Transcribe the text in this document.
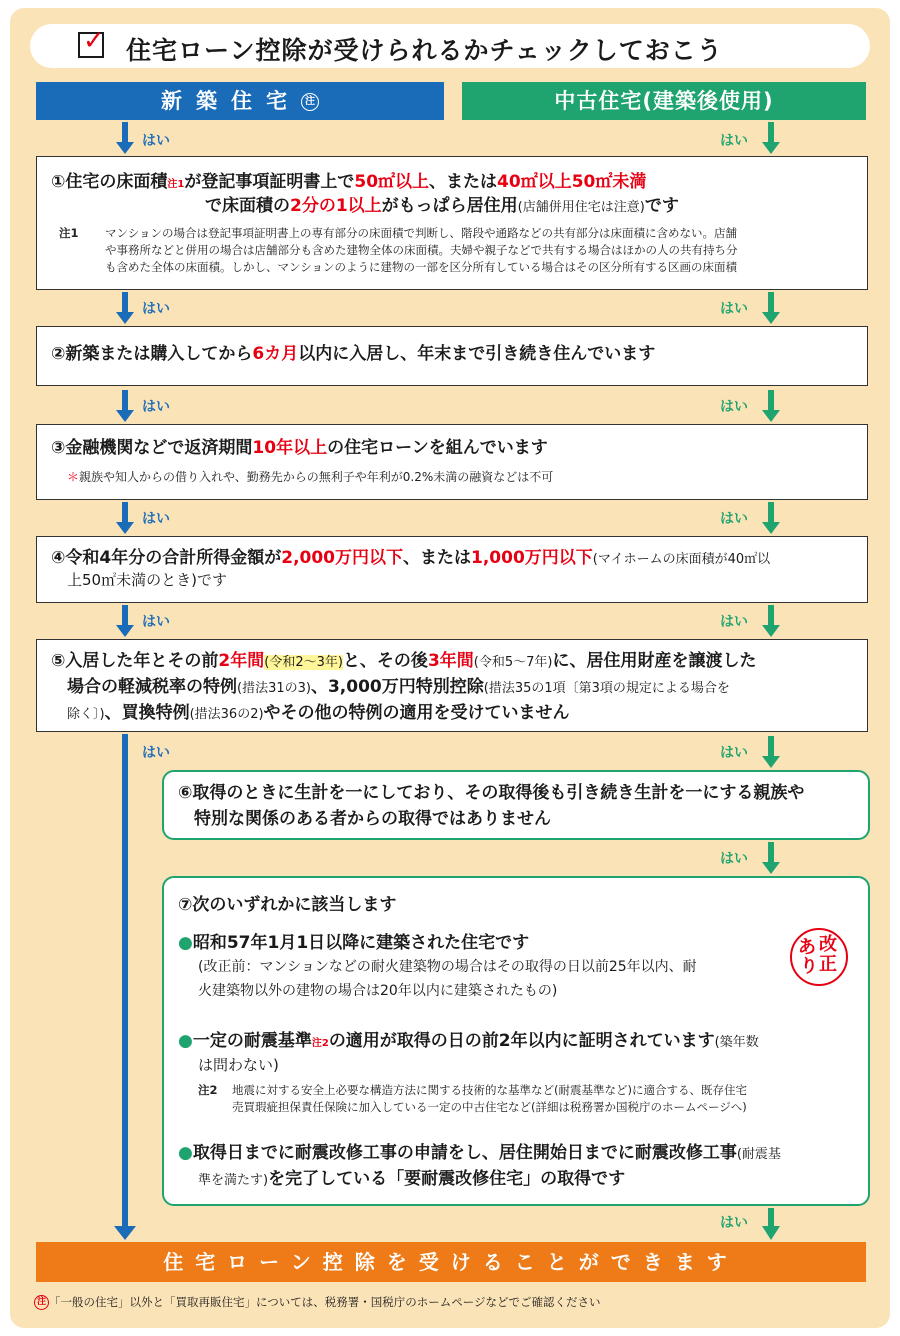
✓ 住宅ローン控除が受けられるかチェックしておこう
新築住宅 注	中古住宅(建築後使用)
はい	はい
はい	はい
はい	はい
はい	はい
はい	はい
はい	はい
はい
はい
①住宅の床面積注1が登記事項証明書上で50㎡以上、または40㎡以上50㎡未満
で床面積の2分の1以上がもっぱら居住用(店舗併用住宅は注意)です
注1 マンションの場合は登記事項証明書上の専有部分の床面積で判断し、階段や通路などの共有部分は床面積に含めない。店舗
や事務所などと併用の場合は店舗部分も含めた建物全体の床面積。夫婦や親子などで共有する場合はほかの人の共有持ち分
も含めた全体の床面積。しかし、マンションのように建物の一部を区分所有している場合はその区分所有する区画の床面積
②新築または購入してから6カ月以内に入居し、年末まで引き続き住んでいます
③金融機関などで返済期間10年以上の住宅ローンを組んでいます
＊親族や知人からの借り入れや、勤務先からの無利子や年利が0.2%未満の融資などは不可
④令和4年分の合計所得金額が2,000万円以下、または1,000万円以下(マイホームの床面積が40㎡以
上50㎡未満のとき)です
⑤入居した年とその前2年間(令和2～3年)と、その後3年間(令和5～7年)に、居住用財産を譲渡した
場合の軽減税率の特例(措法31の3)、3,000万円特別控除(措法35の1項〔第3項の規定による場合を
除く〕)、買換特例(措法36の2)やその他の特例の適用を受けていません
⑥取得のときに生計を一にしており、その取得後も引き続き生計を一にする親族や
特別な関係のある者からの取得ではありません
⑦次のいずれかに該当します
●昭和57年1月1日以降に建築された住宅です
(改正前：マンションなどの耐火建築物の場合はその取得の日以前25年以内、耐
火建築物以外の建物の場合は20年以内に建築されたもの)
●一定の耐震基準注2の適用が取得の日の前2年以内に証明されています(築年数
は問わない)
注2 地震に対する安全上必要な構造方法に関する技術的な基準など(耐震基準など)に適合する、既存住宅
売買瑕疵担保責任保険に加入している一定の中古住宅など(詳細は税務署か国税庁のホームページへ)
●取得日までに耐震改修工事の申請をし、居住開始日までに耐震改修工事(耐震基
準を満たす)を完了している「要耐震改修住宅」の取得です
あ 改
り 正
住宅ローン控除を受けることができます
注 「一般の住宅」以外と「買取再販住宅」については、税務署・国税庁のホームページなどでご確認ください
